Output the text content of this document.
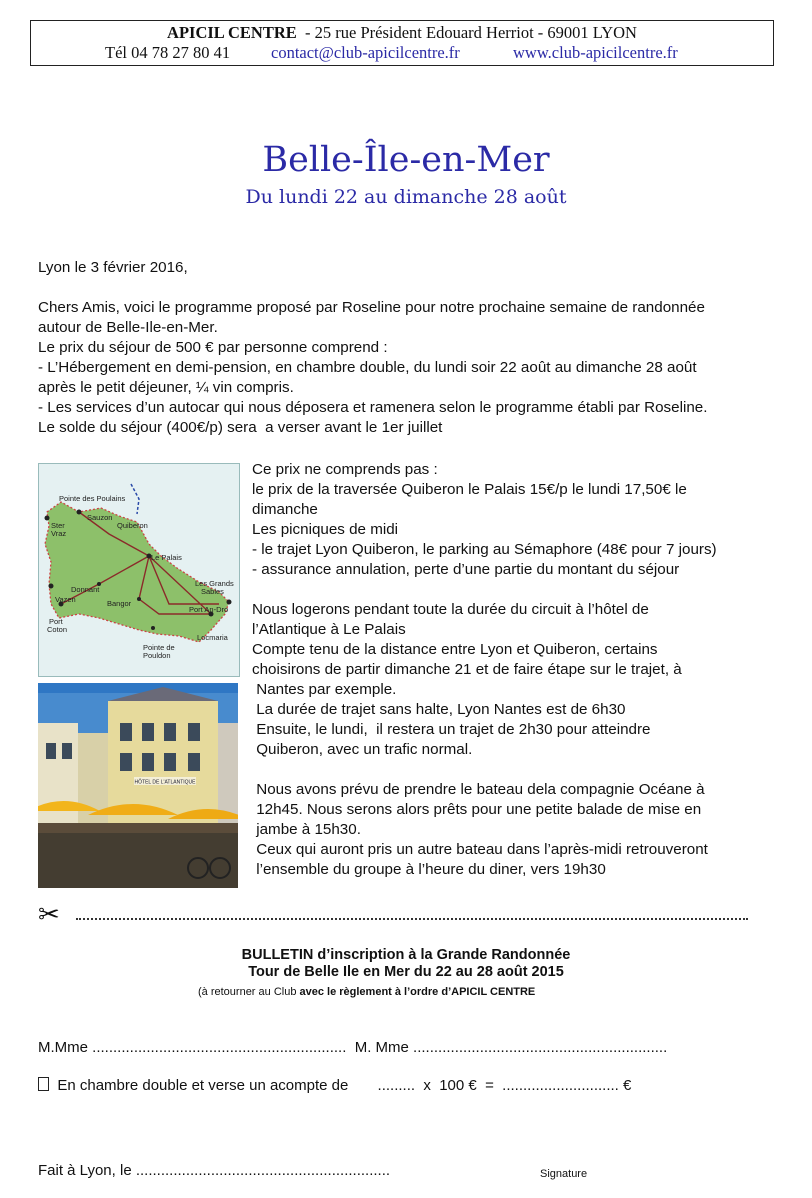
APICIL CENTRE - 25 rue Président Edouard Herriot - 69001 LYON
Tél 04 78 27 80 41 contact@club-apicilcentre.fr	www.club-apicilcentre.fr
Belle-Île-en-Mer
Du lundi 22 au dimanche 28 août
Lyon le 3 février 2016,
Chers Amis, voici le programme proposé par Roseline pour notre prochaine semaine de randonnée
autour de Belle-Ile-en-Mer.
Le prix du séjour de 500 € par personne comprend :
- L’Hébergement en demi-pension, en chambre double, du lundi soir 22 août au dimanche 28 août
après le petit déjeuner, ¼ vin compris.
- Les services d’un autocar qui nous déposera et ramenera selon le programme établi par Roseline.
Le solde du séjour (400€/p) sera  a verser avant le 1er juillet
Ce prix ne comprends pas :
le prix de la traversée Quiberon le Palais 15€/p le lundi 17,50€ le
dimanche
Les picniques de midi
- le trajet Lyon Quiberon, le parking au Sémaphore (48€ pour 7 jours)
- assurance annulation, perte d’une partie du montant du séjour
Nous logerons pendant toute la durée du circuit à l’hôtel de
l’Atlantique à Le Palais
Compte tenu de la distance entre Lyon et Quiberon, certains
choisirons de partir dimanche 21 et de faire étape sur le trajet, à
Nantes par exemple.
La durée de trajet sans halte, Lyon Nantes est de 6h30
Ensuite, le lundi,  il restera un trajet de 2h30 pour atteindre
Quiberon, avec un trafic normal.
Nous avons prévu de prendre le bateau dela compagnie Océane à
12h45. Nous serons alors prêts pour une petite balade de mise en
jambe à 15h30.
Ceux qui auront pris un autre bateau dans l’après-midi retrouveront
l’ensemble du groupe à l’heure du diner, vers 19h30
Pointe des Poulains
Sauzon
Quiberon
Ster
Vraz
Le Palais
Les Grands
Sables
Donnant
Vazen	Bangor
Port An-Dro
Port
Coton
Locmaria
Pointe de
Pouldon
HÔTEL DE L'ATLANTIQUE
✂
BULLETIN d’inscription à la Grande Randonnée
Tour de Belle Ile en Mer du 22 au 28 août 2015
(à retourner au Club avec le règlement à l’ordre d’APICIL CENTRE
M.Mme .............................................................  M. Mme .............................................................
En chambre double et verse un acompte de       .........  x  100 €  =  ............................ €
Fait à Lyon, le .............................................................	Signature
